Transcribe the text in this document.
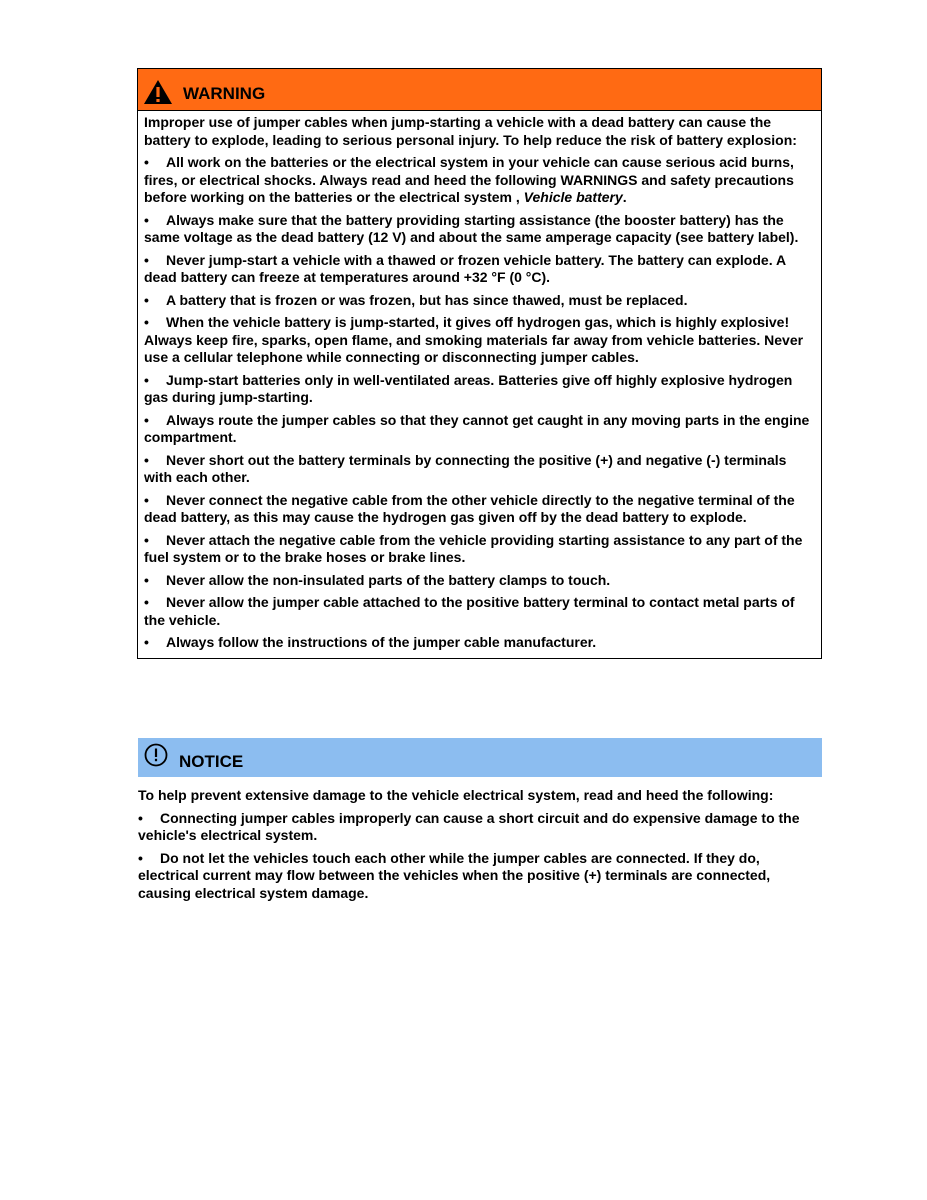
WARNING

Improper use of jumper cables when jump-starting a vehicle with a dead battery can cause the battery to explode, leading to serious personal injury. To help reduce the risk of battery explosion:

• All work on the batteries or the electrical system in your vehicle can cause serious acid burns, fires, or electrical shocks. Always read and heed the following WARNINGS and safety precautions before working on the batteries or the electrical system , Vehicle battery.
• Always make sure that the battery providing starting assistance (the booster battery) has the same voltage as the dead battery (12 V) and about the same amperage capacity (see battery label).
• Never jump-start a vehicle with a thawed or frozen vehicle battery. The battery can explode. A dead battery can freeze at temperatures around +32 °F (0 °C).
• A battery that is frozen or was frozen, but has since thawed, must be replaced.
• When the vehicle battery is jump-started, it gives off hydrogen gas, which is highly explosive! Always keep fire, sparks, open flame, and smoking materials far away from vehicle batteries. Never use a cellular telephone while connecting or disconnecting jumper cables.
• Jump-start batteries only in well-ventilated areas. Batteries give off highly explosive hydrogen gas during jump-starting.
• Always route the jumper cables so that they cannot get caught in any moving parts in the engine compartment.
• Never short out the battery terminals by connecting the positive (+) and negative (-) terminals with each other.
• Never connect the negative cable from the other vehicle directly to the negative terminal of the dead battery, as this may cause the hydrogen gas given off by the dead battery to explode.
• Never attach the negative cable from the vehicle providing starting assistance to any part of the fuel system or to the brake hoses or brake lines.
• Never allow the non-insulated parts of the battery clamps to touch.
• Never allow the jumper cable attached to the positive battery terminal to contact metal parts of the vehicle.
• Always follow the instructions of the jumper cable manufacturer.
NOTICE

To help prevent extensive damage to the vehicle electrical system, read and heed the following:

• Connecting jumper cables improperly can cause a short circuit and do expensive damage to the vehicle's electrical system.
• Do not let the vehicles touch each other while the jumper cables are connected. If they do, electrical current may flow between the vehicles when the positive (+) terminals are connected, causing electrical system damage.
